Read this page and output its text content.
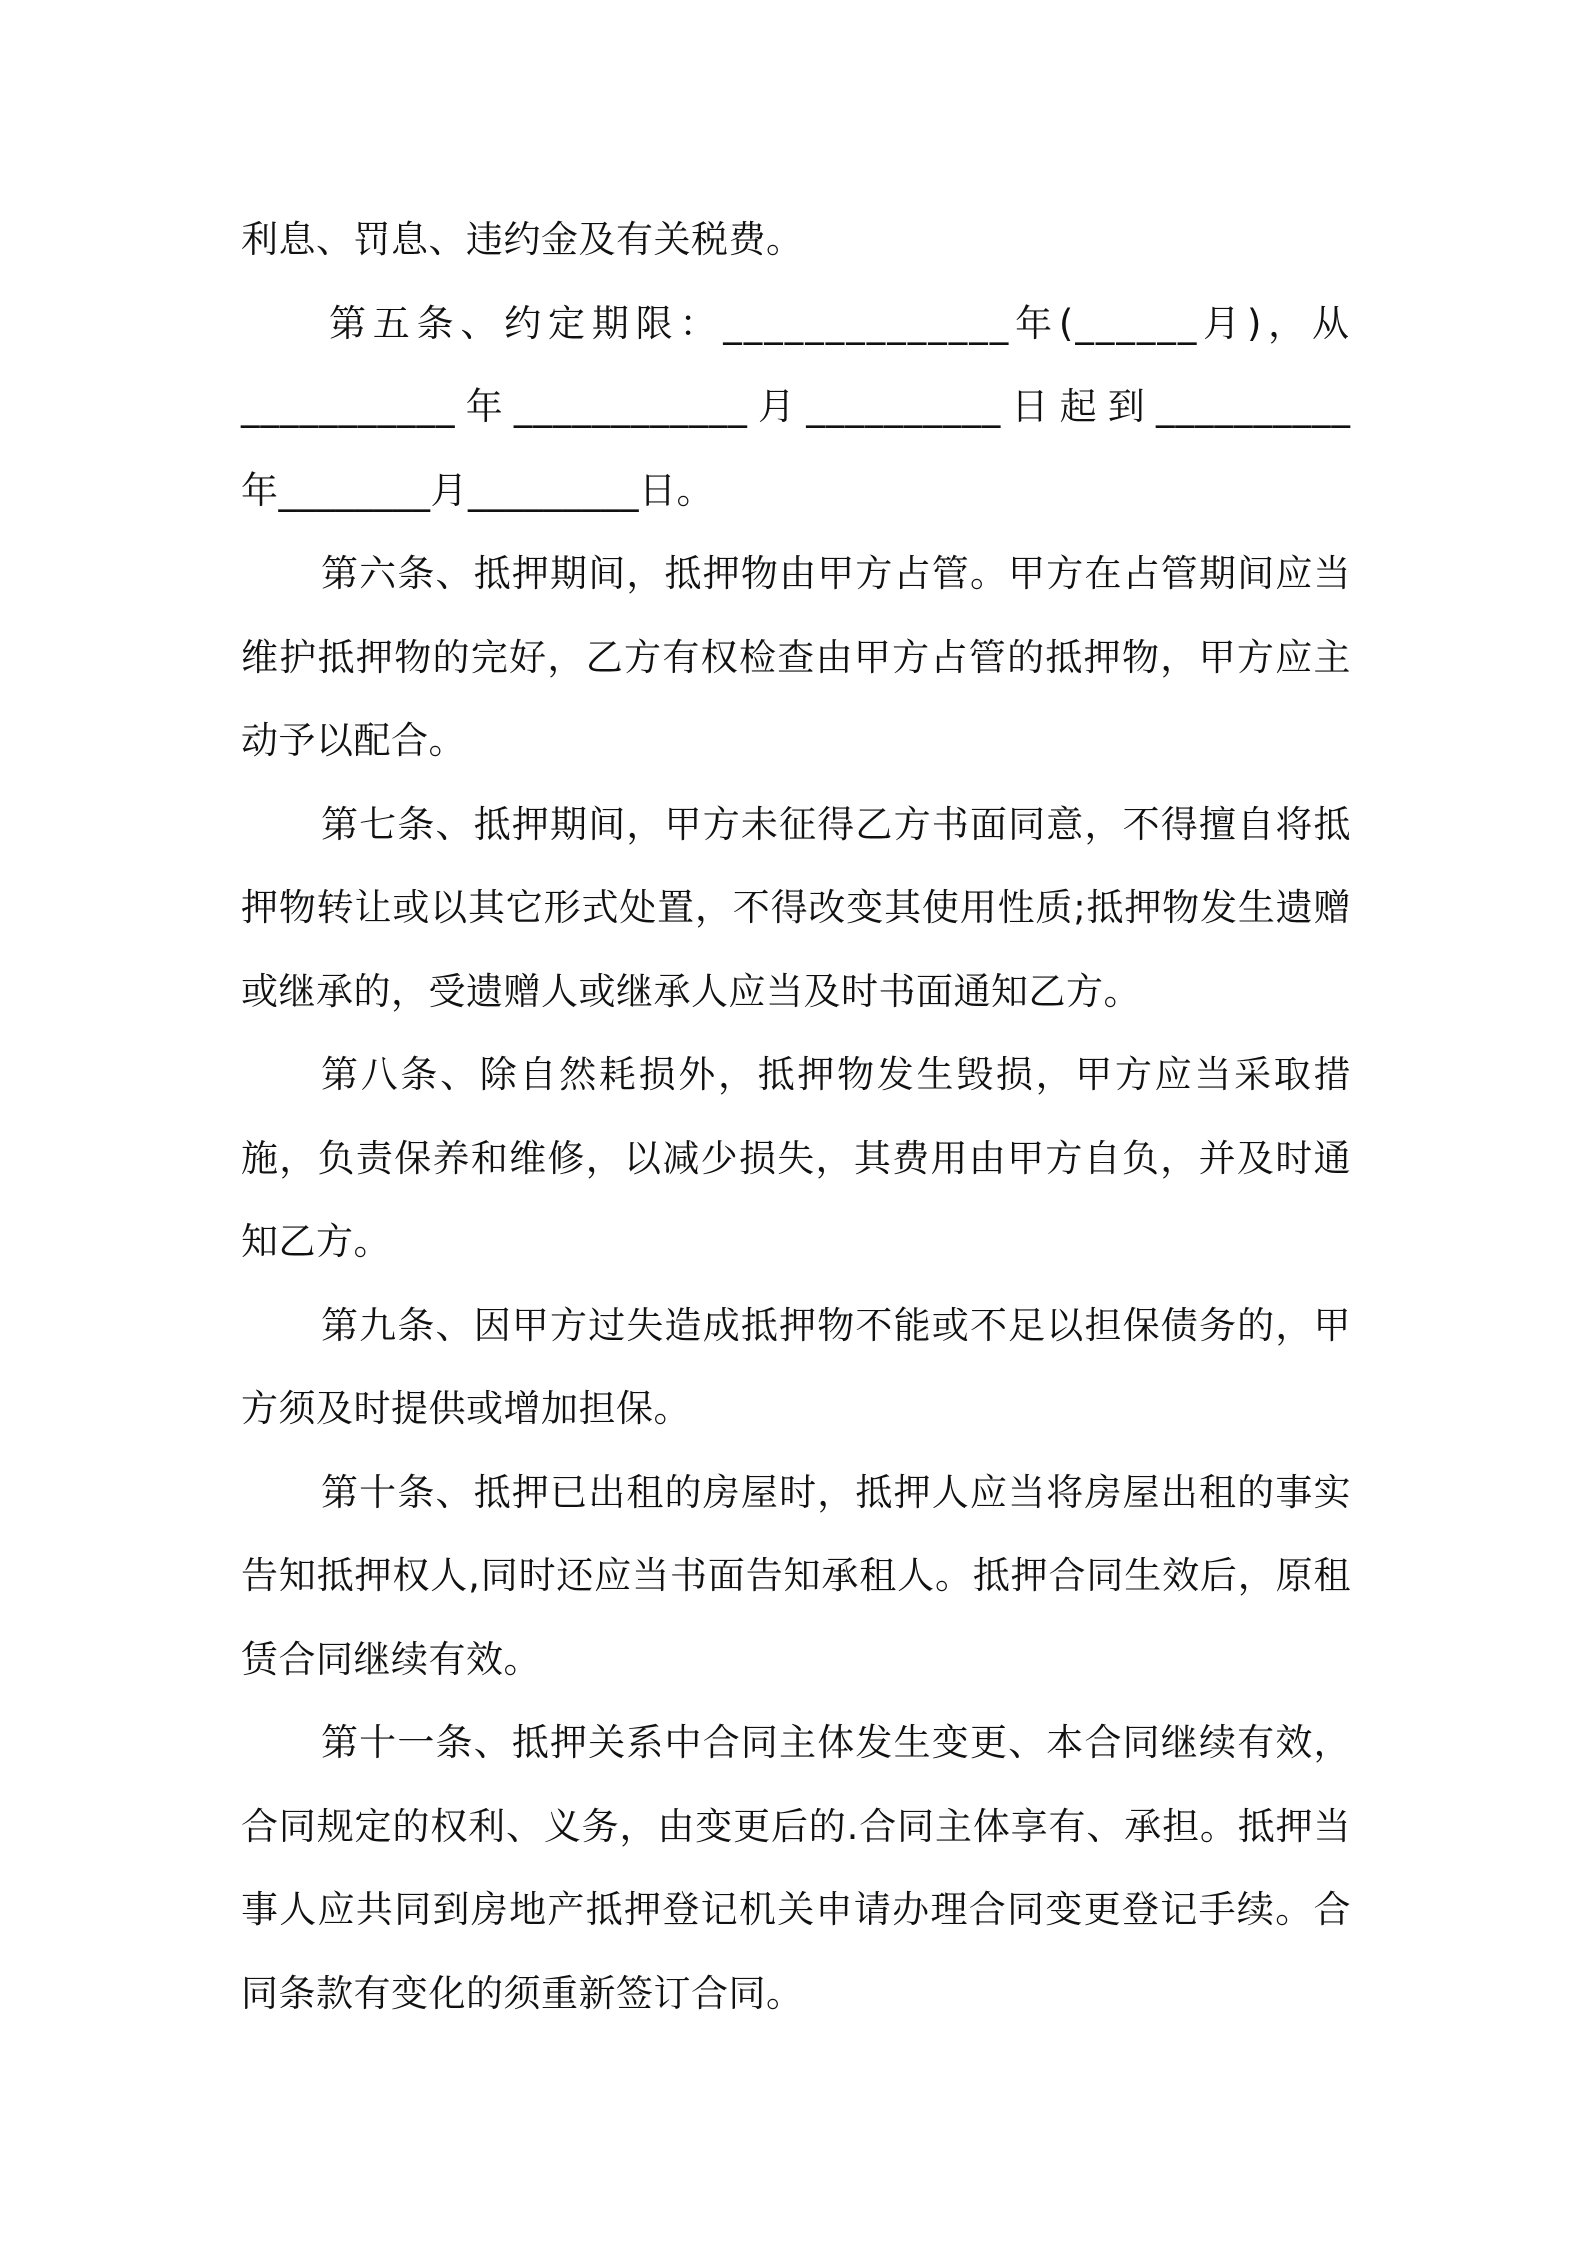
利息、罚息、违约金及有关税费。

第五条、约定期限：______________年(______月)，从
___________年____________月__________日起到__________
年________月_________日。

第六条、抵押期间，抵押物由甲方占管。甲方在占管期间应当维护抵押物的完好，乙方有权检查由甲方占管的抵押物，甲方应主动予以配合。

第七条、抵押期间，甲方未征得乙方书面同意，不得擅自将抵押物转让或以其它形式处置，不得改变其使用性质;抵押物发生遗赠或继承的，受遗赠人或继承人应当及时书面通知乙方。

第八条、除自然耗损外，抵押物发生毁损，甲方应当采取措施，负责保养和维修，以减少损失，其费用由甲方自负，并及时通知乙方。

第九条、因甲方过失造成抵押物不能或不足以担保债务的，甲方须及时提供或增加担保。

第十条、抵押已出租的房屋时，抵押人应当将房屋出租的事实告知抵押权人,同时还应当书面告知承租人。抵押合同生效后，原租赁合同继续有效。

第十一条、抵押关系中合同主体发生变更、本合同继续有效，合同规定的权利、义务，由变更后的.合同主体享有、承担。抵押当事人应共同到房地产抵押登记机关申请办理合同变更登记手续。合同条款有变化的须重新签订合同。
